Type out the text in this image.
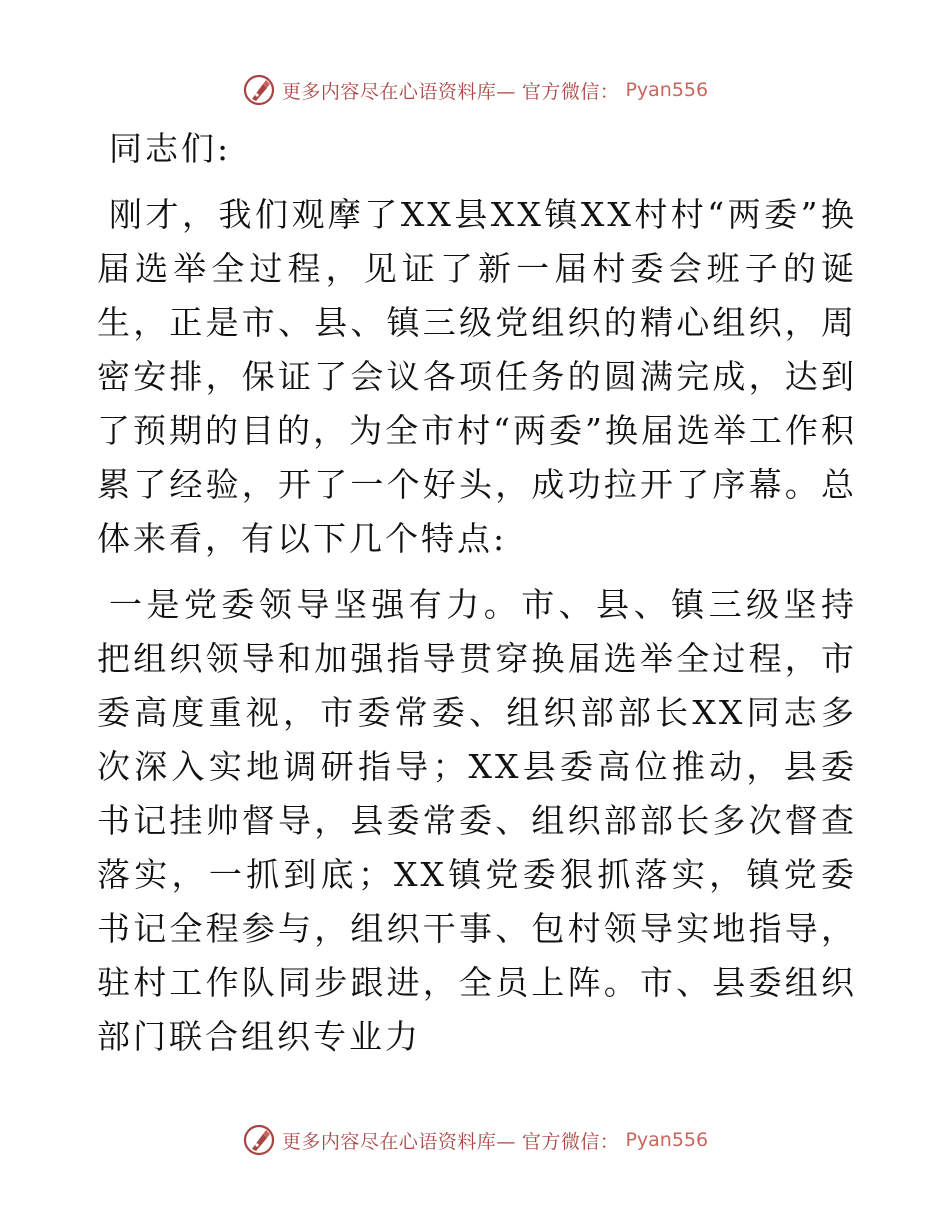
更多内容尽在心语资料库— 官方微信： Pyan556

同志们:

刚才，我们观摩了XX县XX镇XX村村“两委”换届选举全过程，见证了新一届村委会班子的诞生，正是市、县、镇三级党组织的精心组织，周密安排，保证了会议各项任务的圆满完成，达到了预期的目的，为全市村“两委”换届选举工作积累了经验，开了一个好头，成功拉开了序幕。总体来看，有以下几个特点:

一是党委领导坚强有力。市、县、镇三级坚持把组织领导和加强指导贯穿换届选举全过程，市委高度重视，市委常委、组织部部长XX同志多次深入实地调研指导；XX县委高位推动，县委书记挂帅督导，县委常委、组织部部长多次督查落实，一抓到底；XX镇党委狠抓落实，镇党委书记全程参与，组织干事、包村领导实地指导，驻村工作队同步跟进，全员上阵。市、县委组织部门联合组织专业力

更多内容尽在心语资料库— 官方微信： Pyan556
